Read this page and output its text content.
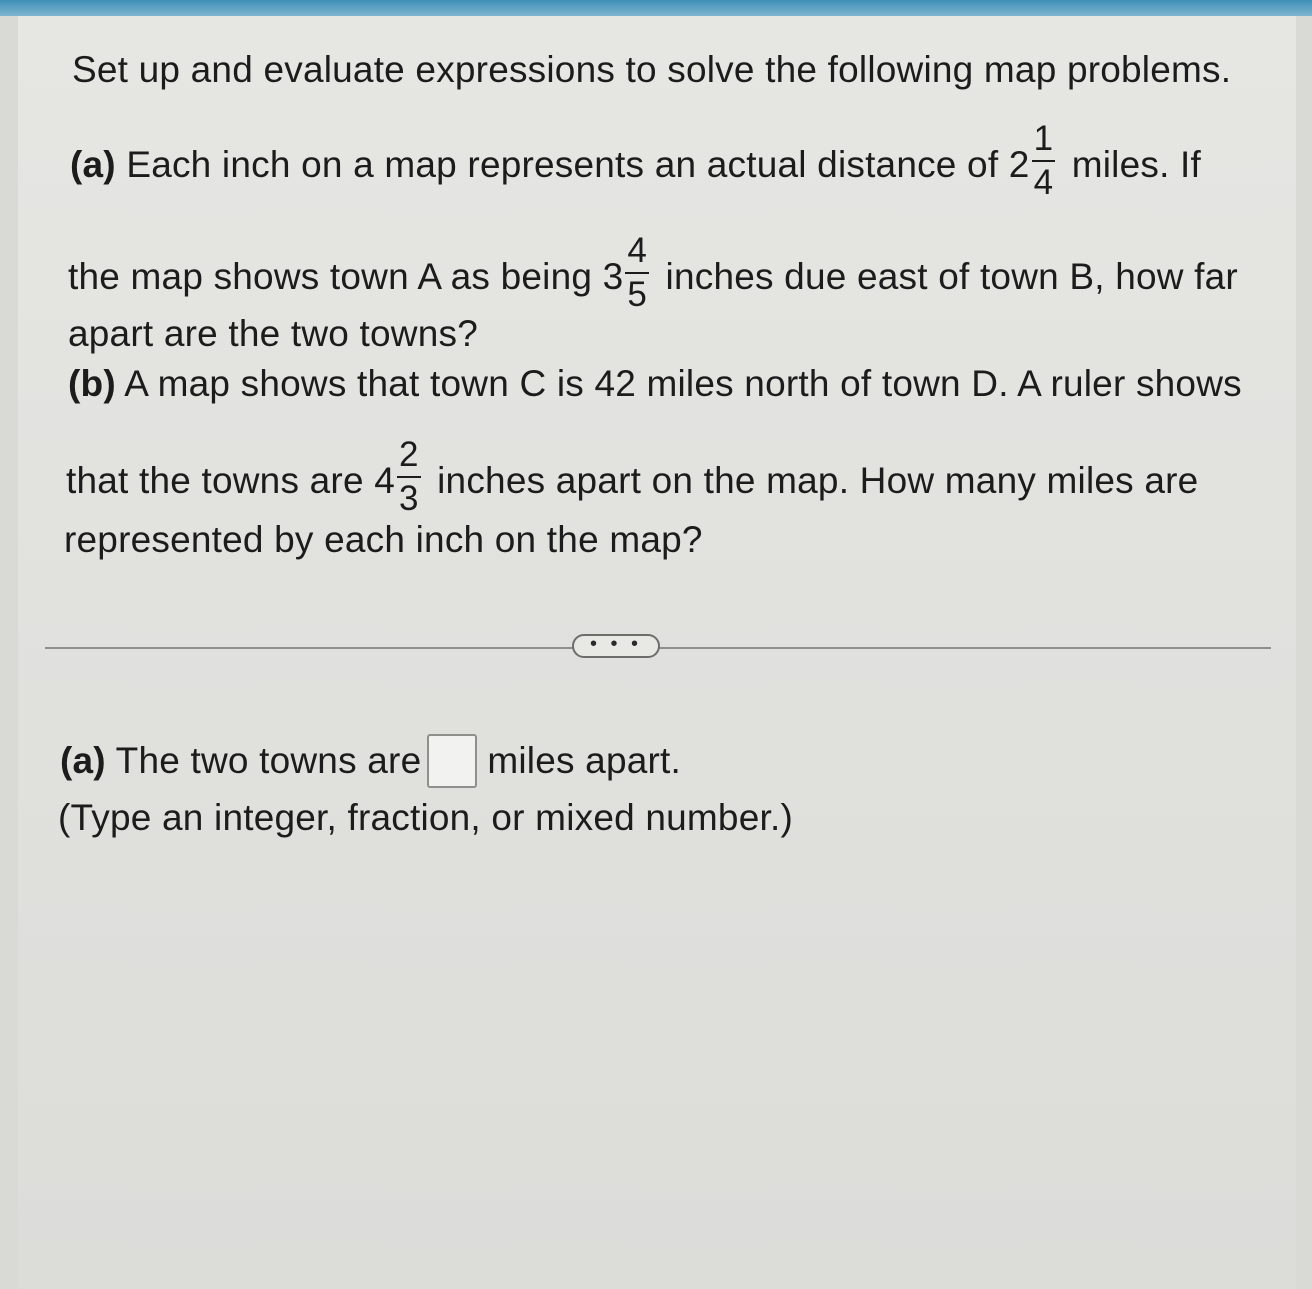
Set up and evaluate expressions to solve the following map problems.
(a) Each inch on a map represents an actual distance of $2 \frac{1}{4}$ miles. If
the map shows town A as being $3 \frac{4}{5}$ inches due east of town B, how far
apart are the two towns?
(b) A map shows that town C is 42 miles north of town D. A ruler shows
that the towns are $4 \frac{2}{3}$ inches apart on the map. How many miles are
represented by each inch on the map?
• • •
(a) The two towns are miles apart.
(Type an integer, fraction, or mixed number.)
